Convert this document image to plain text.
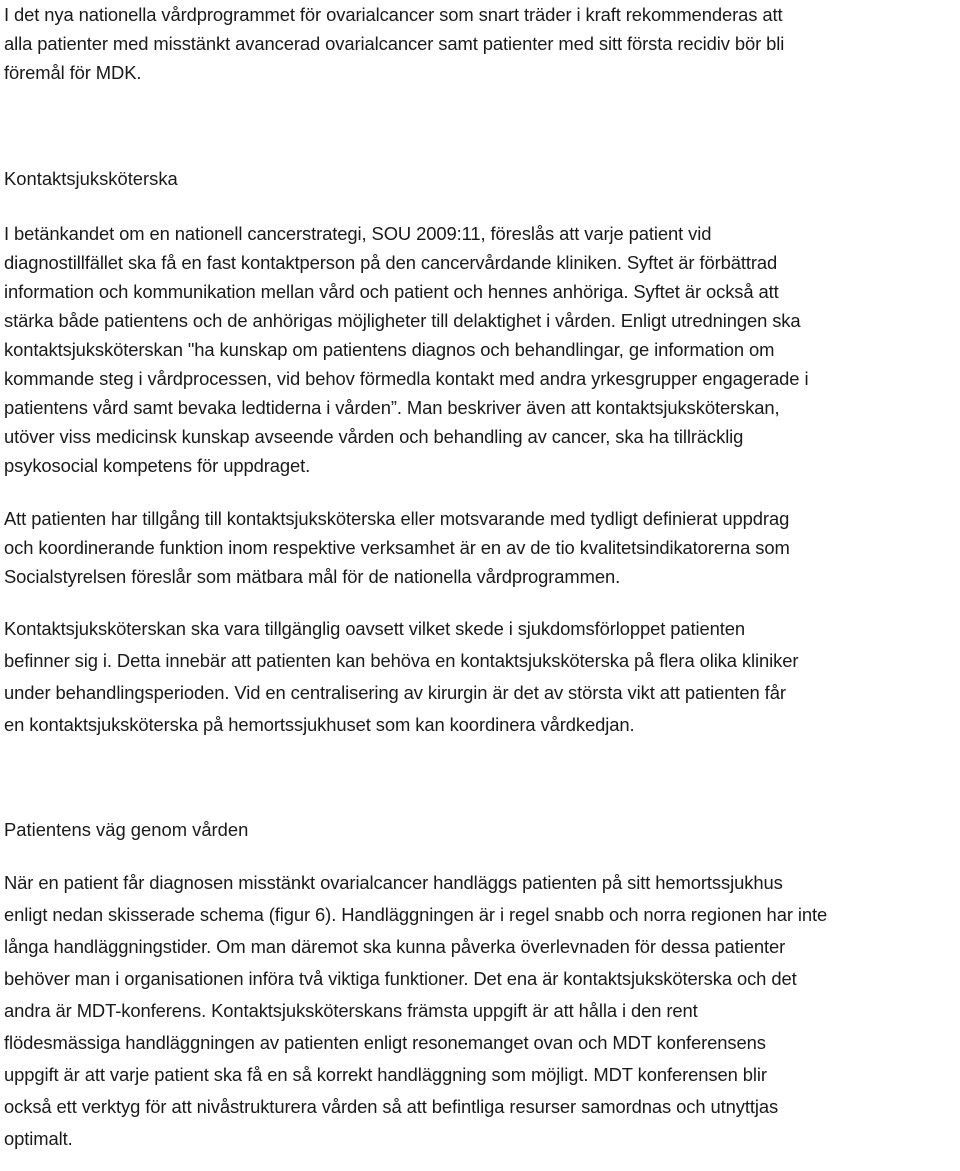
I det nya nationella vårdprogrammet för ovarialcancer som snart träder i kraft rekommenderas att
alla patienter med misstänkt avancerad ovarialcancer samt patienter med sitt första recidiv bör bli
föremål för MDK.

Kontaktsjuksköterska

I betänkandet om en nationell cancerstrategi, SOU 2009:11, föreslås att varje patient vid
diagnostillfället ska få en fast kontaktperson på den cancervårdande kliniken. Syftet är förbättrad
information och kommunikation mellan vård och patient och hennes anhöriga. Syftet är också att
stärka både patientens och de anhörigas möjligheter till delaktighet i vården. Enligt utredningen ska
kontaktsjuksköterskan "ha kunskap om patientens diagnos och behandlingar, ge information om
kommande steg i vårdprocessen, vid behov förmedla kontakt med andra yrkesgrupper engagerade i
patientens vård samt bevaka ledtiderna i vården”. Man beskriver även att kontaktsjuksköterskan,
utöver viss medicinsk kunskap avseende vården och behandling av cancer, ska ha tillräcklig
psykosocial kompetens för uppdraget.

Att patienten har tillgång till kontaktsjuksköterska eller motsvarande med tydligt definierat uppdrag
och koordinerande funktion inom respektive verksamhet är en av de tio kvalitetsindikatorerna som
Socialstyrelsen föreslår som mätbara mål för de nationella vårdprogrammen.

Kontaktsjuksköterskan ska vara tillgänglig oavsett vilket skede i sjukdomsförloppet patienten
befinner sig i. Detta innebär att patienten kan behöva en kontaktsjuksköterska på flera olika kliniker
under behandlingsperioden. Vid en centralisering av kirurgin är det av största vikt att patienten får
en kontaktsjuksköterska på hemortssjukhuset som kan koordinera vårdkedjan.

Patientens väg genom vården

När en patient får diagnosen misstänkt ovarialcancer handläggs patienten på sitt hemortssjukhus
enligt nedan skisserade schema (figur 6). Handläggningen är i regel snabb och norra regionen har inte
långa handläggningstider. Om man däremot ska kunna påverka överlevnaden för dessa patienter
behöver man i organisationen införa två viktiga funktioner. Det ena är kontaktsjuksköterska och det
andra är MDT-konferens. Kontaktsjuksköterskans främsta uppgift är att hålla i den rent
flödesmässiga handläggningen av patienten enligt resonemanget ovan och MDT konferensens
uppgift är att varje patient ska få en så korrekt handläggning som möjligt. MDT konferensen blir
också ett verktyg för att nivåstrukturera vården så att befintliga resurser samordnas och utnyttjas
optimalt.
